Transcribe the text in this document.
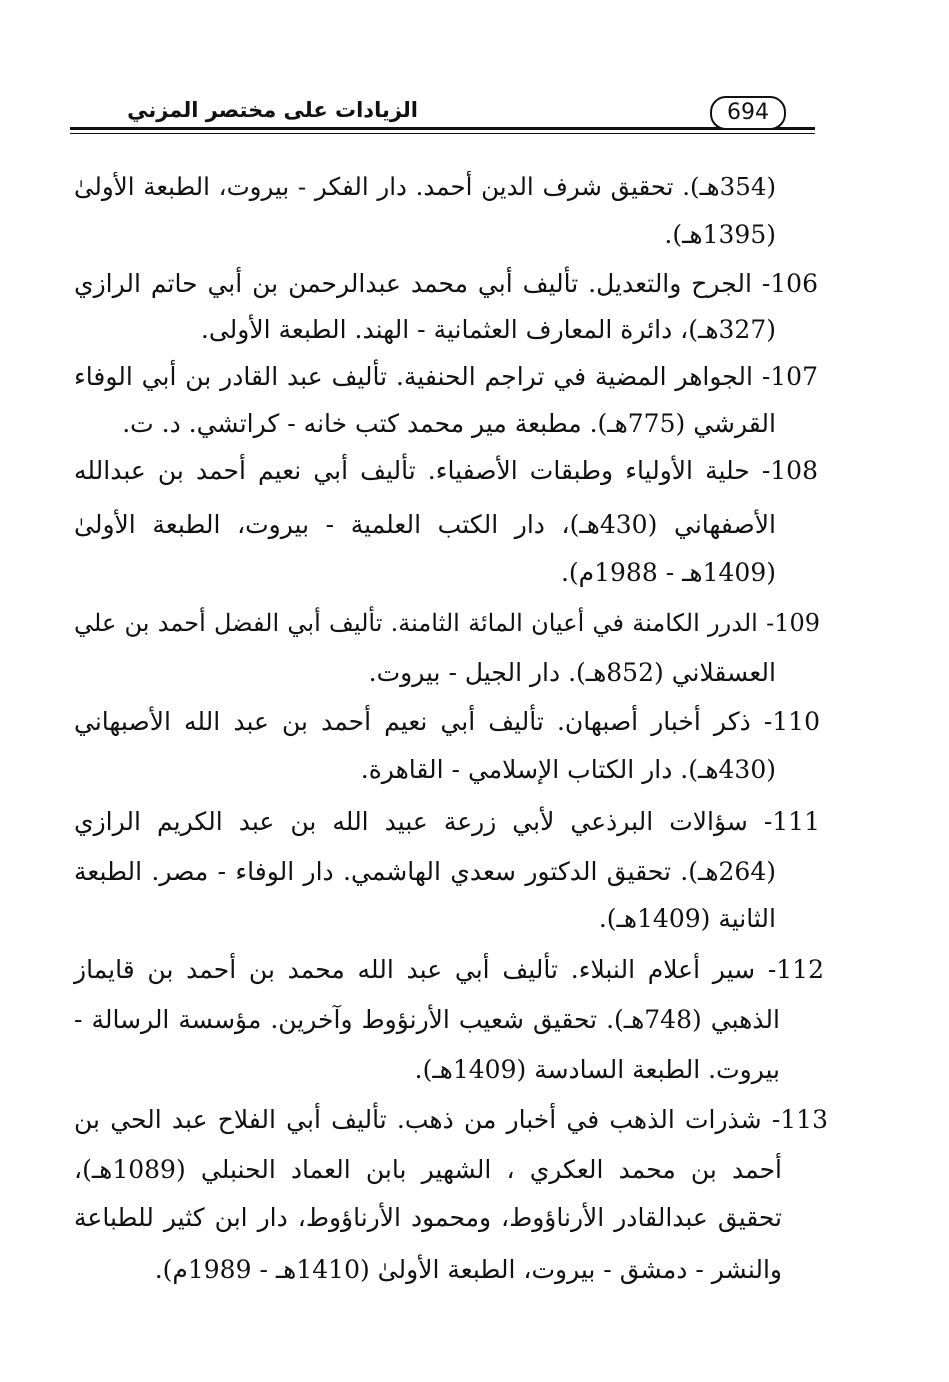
الزيادات على مختصر المزني	694
(354هـ). تحقيق شرف الدين أحمد. دار الفكر - بيروت، الطبعة الأولىٰ
(1395هـ).
106- الجرح والتعديل. تأليف أبي محمد عبدالرحمن بن أبي حاتم الرازي
(327هـ)، دائرة المعارف العثمانية - الهند. الطبعة الأولى.
107- الجواهر المضية في تراجم الحنفية. تأليف عبد القادر بن أبي الوفاء
القرشي (775هـ). مطبعة مير محمد كتب خانه - كراتشي. د. ت.
108- حلية الأولياء وطبقات الأصفياء. تأليف أبي نعيم أحمد بن عبدالله
الأصفهاني (430هـ)، دار الكتب العلمية - بيروت، الطبعة الأولىٰ
(1409هـ - 1988م).
109- الدرر الكامنة في أعيان المائة الثامنة. تأليف أبي الفضل أحمد بن علي
العسقلاني (852هـ). دار الجيل - بيروت.
110- ذكر أخبار أصبهان. تأليف أبي نعيم أحمد بن عبد الله الأصبهاني
(430هـ). دار الكتاب الإسلامي - القاهرة.
111- سؤالات البرذعي لأبي زرعة عبيد الله بن عبد الكريم الرازي
(264هـ). تحقيق الدكتور سعدي الهاشمي. دار الوفاء - مصر. الطبعة
الثانية (1409هـ).
112- سير أعلام النبلاء. تأليف أبي عبد الله محمد بن أحمد بن قايماز
الذهبي (748هـ). تحقيق شعيب الأرنؤوط وآخرين. مؤسسة الرسالة -
بيروت. الطبعة السادسة (1409هـ).
113- شذرات الذهب في أخبار من ذهب. تأليف أبي الفلاح عبد الحي بن
أحمد بن محمد العكري ، الشهير بابن العماد الحنبلي (1089هـ)،
تحقيق عبدالقادر الأرناؤوط، ومحمود الأرناؤوط، دار ابن كثير للطباعة
والنشر - دمشق - بيروت، الطبعة الأولىٰ (1410هـ - 1989م).
